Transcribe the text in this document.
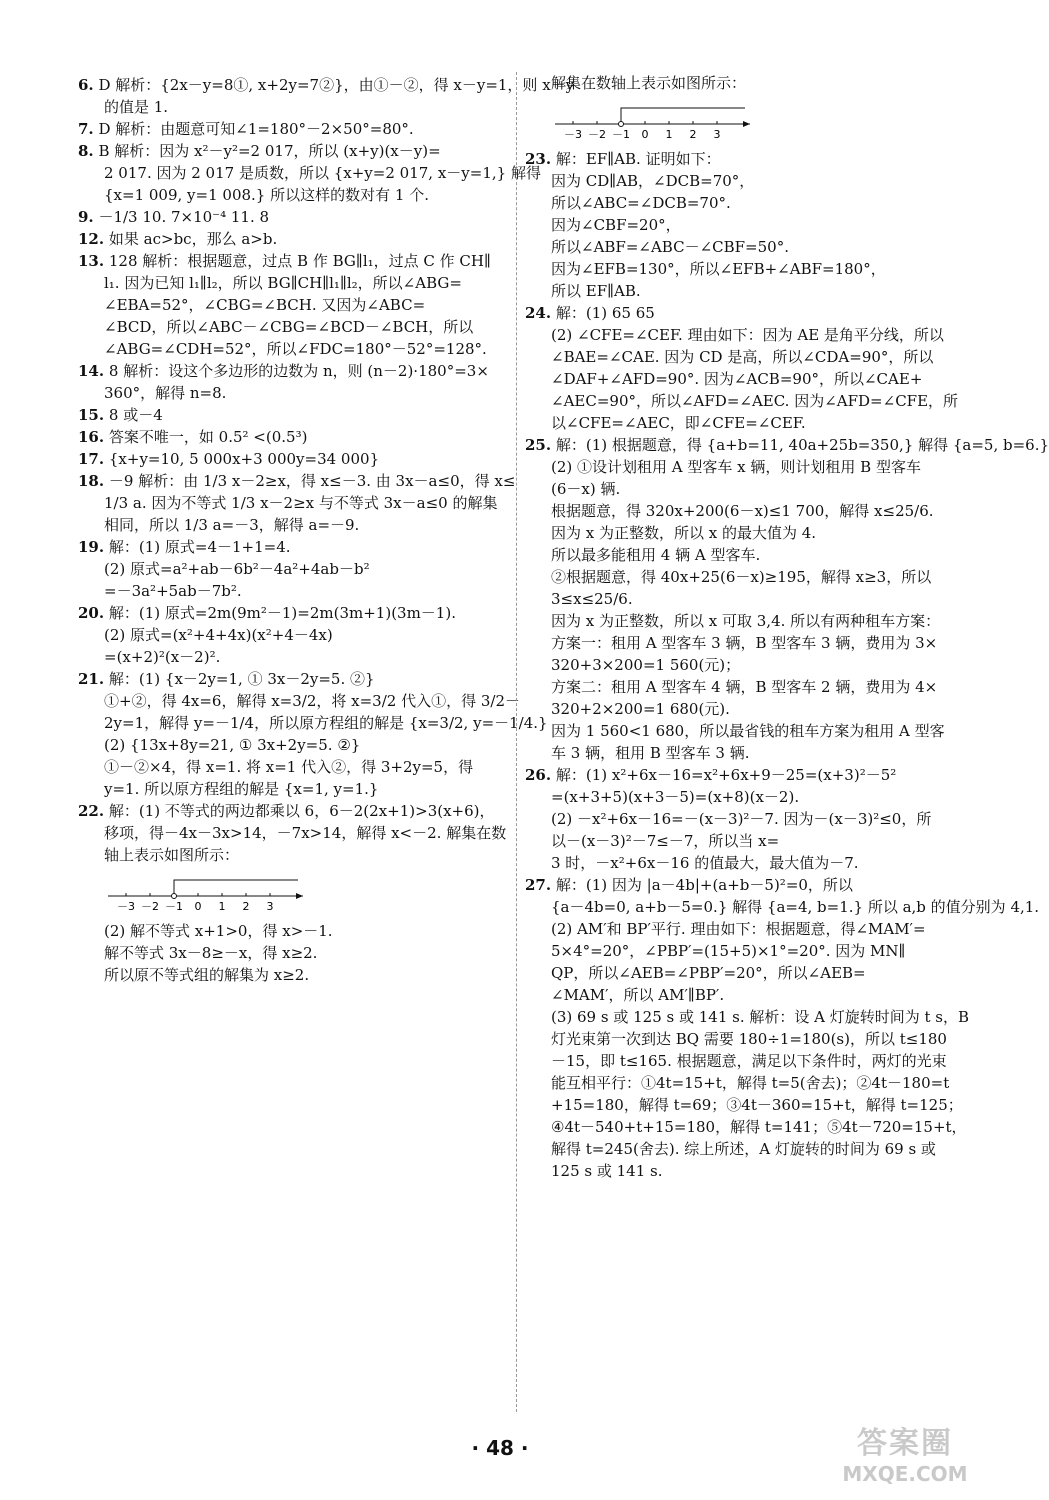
6. D 解析：{2x－y=8①, x+2y=7②}，由①－②，得 x－y=1，则 x－y
的值是 1.
7. D 解析：由题意可知∠1=180°－2×50°=80°.
8. B 解析：因为 x²－y²=2 017，所以 (x+y)(x－y)=
2 017. 因为 2 017 是质数，所以 {x+y=2 017, x－y=1,} 解得
{x=1 009, y=1 008.} 所以这样的数对有 1 个.
9. －1/3 10. 7×10⁻⁴ 11. 8
12. 如果 ac>bc，那么 a>b.
13. 128 解析：根据题意，过点 B 作 BG∥l₁，过点 C 作 CH∥
l₁. 因为已知 l₁∥l₂，所以 BG∥CH∥l₁∥l₂，所以∠ABG=
∠EBA=52°，∠CBG=∠BCH. 又因为∠ABC=
∠BCD，所以∠ABC－∠CBG=∠BCD－∠BCH，所以
∠ABG=∠CDH=52°，所以∠FDC=180°－52°=128°.
14. 8 解析：设这个多边形的边数为 n，则 (n－2)·180°=3×
360°，解得 n=8.
15. 8 或－4
16. 答案不唯一，如 0.5² <(0.5³)
17. {x+y=10, 5 000x+3 000y=34 000}
18. －9 解析：由 1/3 x－2≥x，得 x≤－3. 由 3x－a≤0，得 x≤
1/3 a. 因为不等式 1/3 x－2≥x 与不等式 3x－a≤0 的解集
相同，所以 1/3 a=－3，解得 a=－9.
19. 解：(1) 原式=4－1+1=4.
(2) 原式=a²+ab－6b²－4a²+4ab－b²
=－3a²+5ab－7b².
20. 解：(1) 原式=2m(9m²－1)=2m(3m+1)(3m－1).
(2) 原式=(x²+4+4x)(x²+4－4x)
=(x+2)²(x－2)².
21. 解：(1) {x－2y=1, ① 3x－2y=5. ②}
①+②，得 4x=6，解得 x=3/2，将 x=3/2 代入①，得 3/2－
2y=1，解得 y=－1/4，所以原方程组的解是 {x=3/2, y=－1/4.}
(2) {13x+8y=21, ① 3x+2y=5. ②}
①－②×4，得 x=1. 将 x=1 代入②，得 3+2y=5，得
y=1. 所以原方程组的解是 {x=1, y=1.}
22. 解：(1) 不等式的两边都乘以 6，6－2(2x+1)>3(x+6)，
移项，得－4x－3x>14，－7x>14，解得 x<－2. 解集在数
轴上表示如图所示：
－3 －2 －1 0 1 2 3
(2) 解不等式 x+1>0，得 x>－1.
解不等式 3x－8≥－x，得 x≥2.
所以原不等式组的解集为 x≥2.
解集在数轴上表示如图所示：
－3 －2 －1 0 1 2 3
23. 解：EF∥AB. 证明如下：
因为 CD∥AB，∠DCB=70°，
所以∠ABC=∠DCB=70°.
因为∠CBF=20°，
所以∠ABF=∠ABC－∠CBF=50°.
因为∠EFB=130°，所以∠EFB+∠ABF=180°，
所以 EF∥AB.
24. 解：(1) 65 65
(2) ∠CFE=∠CEF. 理由如下：因为 AE 是角平分线，所以
∠BAE=∠CAE. 因为 CD 是高，所以∠CDA=90°，所以
∠DAF+∠AFD=90°. 因为∠ACB=90°，所以∠CAE+
∠AEC=90°，所以∠AFD=∠AEC. 因为∠AFD=∠CFE，所
以∠CFE=∠AEC，即∠CFE=∠CEF.
25. 解：(1) 根据题意，得 {a+b=11, 40a+25b=350,} 解得 {a=5, b=6.}
(2) ①设计划租用 A 型客车 x 辆，则计划租用 B 型客车
(6－x) 辆.
根据题意，得 320x+200(6－x)≤1 700，解得 x≤25/6.
因为 x 为正整数，所以 x 的最大值为 4.
所以最多能租用 4 辆 A 型客车.
②根据题意，得 40x+25(6－x)≥195，解得 x≥3，所以
3≤x≤25/6.
因为 x 为正整数，所以 x 可取 3,4. 所以有两种租车方案：
方案一：租用 A 型客车 3 辆，B 型客车 3 辆，费用为 3×
320+3×200=1 560(元)；
方案二：租用 A 型客车 4 辆，B 型客车 2 辆，费用为 4×
320+2×200=1 680(元).
因为 1 560<1 680，所以最省钱的租车方案为租用 A 型客
车 3 辆，租用 B 型客车 3 辆.
26. 解：(1) x²+6x－16=x²+6x+9－25=(x+3)²－5²
=(x+3+5)(x+3－5)=(x+8)(x－2).
(2) －x²+6x－16=－(x－3)²－7. 因为－(x－3)²≤0，所
以－(x－3)²－7≤－7，所以当 x=
3 时，－x²+6x－16 的值最大，最大值为－7.
27. 解：(1) 因为 |a－4b|+(a+b－5)²=0，所以
{a－4b=0, a+b－5=0.} 解得 {a=4, b=1.} 所以 a,b 的值分别为 4,1.
(2) AM′和 BP′平行. 理由如下：根据题意，得∠MAM′=
5×4°=20°，∠PBP′=(15+5)×1°=20°. 因为 MN∥
QP，所以∠AEB=∠PBP′=20°，所以∠AEB=
∠MAM′，所以 AM′∥BP′.
(3) 69 s 或 125 s 或 141 s. 解析：设 A 灯旋转时间为 t s，B
灯光束第一次到达 BQ 需要 180÷1=180(s)，所以 t≤180
－15，即 t≤165. 根据题意，满足以下条件时，两灯的光束
能互相平行：①4t=15+t，解得 t=5(舍去)；②4t－180=t
+15=180，解得 t=69；③4t－360=15+t，解得 t=125；
④4t－540+t+15=180，解得 t=141；⑤4t－720=15+t，
解得 t=245(舍去). 综上所述，A 灯旋转的时间为 69 s 或
125 s 或 141 s.
· 48 ·	答案圈
MXQE.COM
